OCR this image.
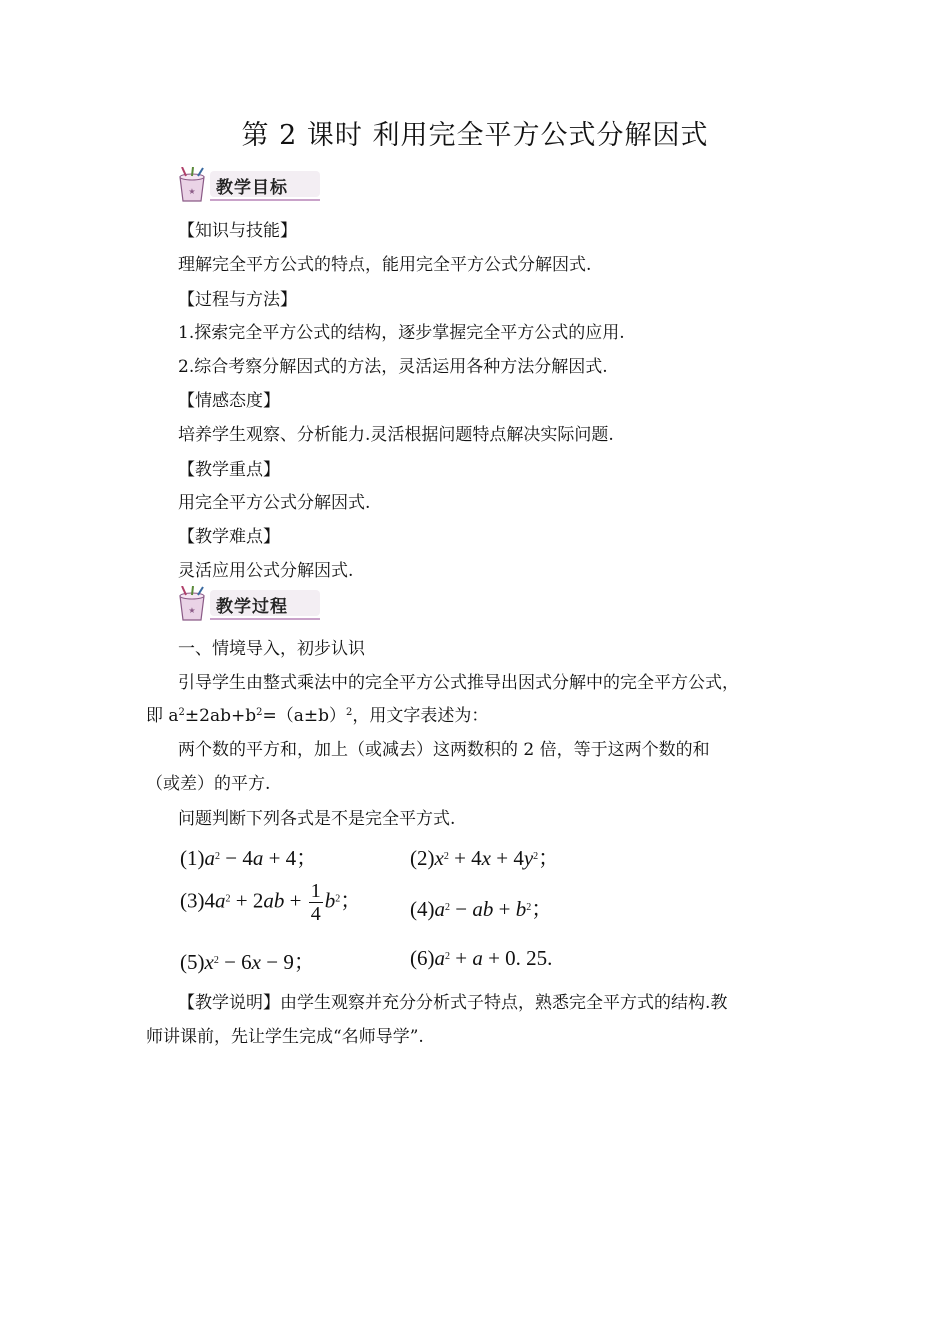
第 2 课时 利用完全平方公式分解因式
★ 教学目标
【知识与技能】
理解完全平方公式的特点，能用完全平方公式分解因式.
【过程与方法】
1.探索完全平方公式的结构，逐步掌握完全平方公式的应用.
2.综合考察分解因式的方法，灵活运用各种方法分解因式.
【情感态度】
培养学生观察、分析能力.灵活根据问题特点解决实际问题.
【教学重点】
用完全平方公式分解因式.
【教学难点】
灵活应用公式分解因式.
★ 教学过程
一、情境导入，初步认识
引导学生由整式乘法中的完全平方公式推导出因式分解中的完全平方公式，
即 $a^2\pm 2ab+b^2=(a\pm b)^2$，用文字表述为：
两个数的平方和，加上（或减去）这两数积的 2 倍，等于这两个数的和
（或差）的平方.
问题判断下列各式是不是完全平方式.
$(1)a^2 - 4a + 4$；	$(2)x^2 + 4x + 4y^2$；
$(3)4a^2 + 2ab + \frac{1}{4} b^2$； $(4)a^2$ − ab + $b^2$；
$(5)x^2 - 6x - 9$；	$(6)a^2 + a + 0$. 25.
【教学说明】由学生观察并充分分析式子特点，熟悉完全平方式的结构.教
师讲课前，先让学生完成“名师导学”.
